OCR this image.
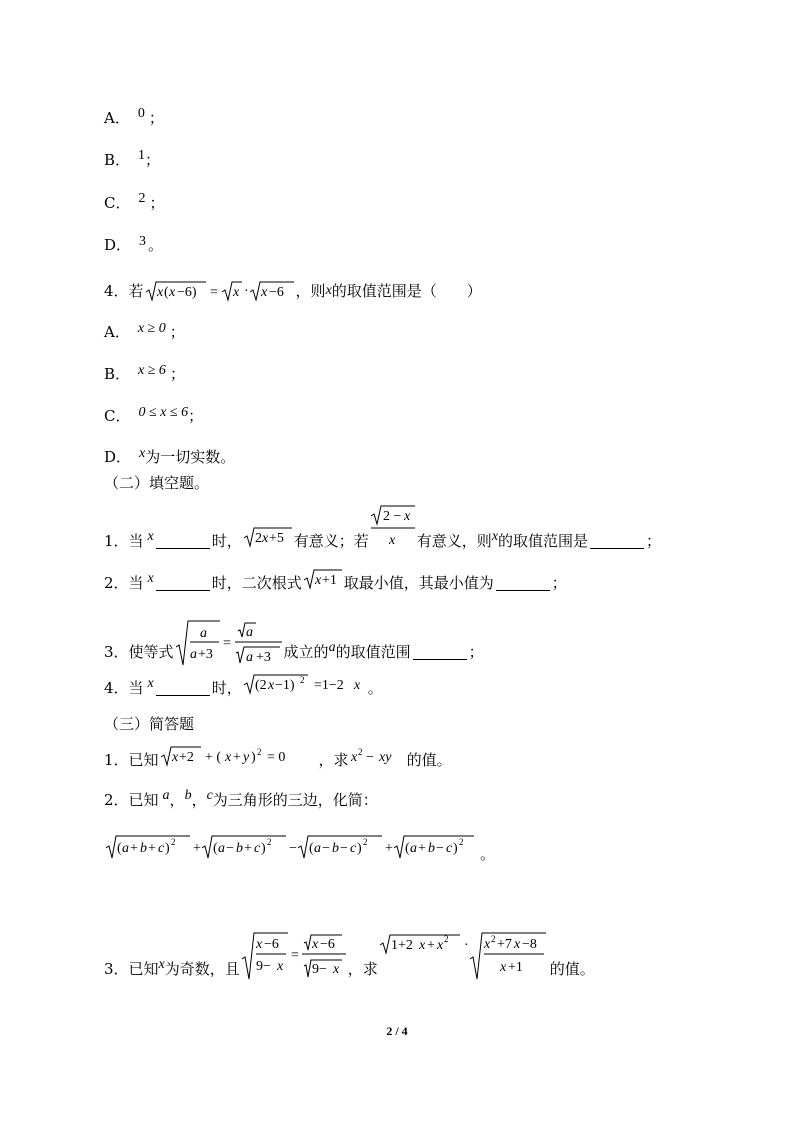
A． 0 ；
B． 1 ；
C． 2 ；
D． 3 。
4．若 x ( x −6) = x · x −6 ，则 x 的取值范围是（　　）
A． x ≥ 0 ；
B． x ≥ 6 ；
C． 0 ≤ x ≤ 6 ；
D． x 为一切实数。
（二）填空题。
1．当 x	时， 2 x +5 有意义；若
2 − x
x 有意义，则 x 的取值范围是	；
2．当 x	时，二次根式 x +1 取最小值，其最小值为	；
3．使等式
a
a +3
=
a
a +3 成立的 a 的取值范围	；
4．当 x	时， (2 x −1) 2 =1−2 x 。
（三）简答题
1．已知 x +2 + ( x + y ) 2 = 0 ，求 x 2 − xy 的值。
2．已知 a ， b ， c 为三角形的三边，化简：
( a + b + c ) 2 + ( a − b + c ) 2 − ( a − b − c ) 2 + ( a + b − c ) 2
。
3．已知 x 为奇数，且
x −6
9− x
=
x −6
9− x ，求
1+2 x + x 2 · x 2 +7 x −8
x +1 的值。
2 / 4
